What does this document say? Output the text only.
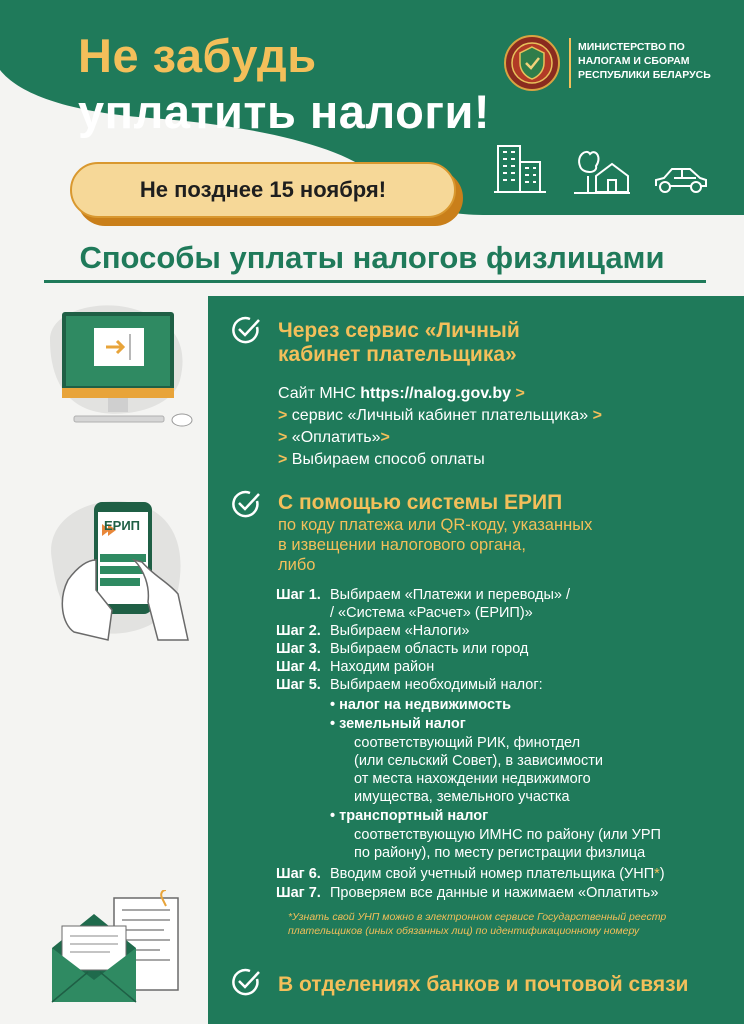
Не забудь
уплатить налоги!
МИНИСТЕРСТВО ПО НАЛОГАМ И СБОРАМ РЕСПУБЛИКИ БЕЛАРУСЬ
Не позднее 15 ноября!
Способы уплаты налогов физлицами
Через сервис «Личный
кабинет плательщика»
Сайт МНС https://nalog.gov.by >
> сервис «Личный кабинет плательщика» >
> «Оплатить»>
> Выбираем способ оплаты
С помощью системы ЕРИП
по коду платежа или QR-коду, указанных
в извещении налогового органа,
либо
Шаг 1. Выбираем «Платежи и переводы» /
/ «Система «Расчет» (ЕРИП)»
Шаг 2. Выбираем «Налоги»
Шаг 3. Выбираем область или город
Шаг 4. Находим район
Шаг 5. Выбираем необходимый налог:
• налог на недвижимость
• земельный налог
соответствующий РИК, финотдел
(или сельский Совет), в зависимости
от места нахождении недвижимого
имущества, земельного участка
• транспортный налог
соответствующую ИМНС по району (или УРП
по району), по месту регистрации физлица
Шаг 6. Вводим свой учетный номер плательщика (УНП*)
Шаг 7. Проверяем все данные и нажимаем «Оплатить»
*Узнать свой УНП можно в электронном сервисе Государственный реестр
плательщиков (иных обязанных лиц) по идентификационному номеру
В отделениях банков и почтовой связи
ЕРИП
